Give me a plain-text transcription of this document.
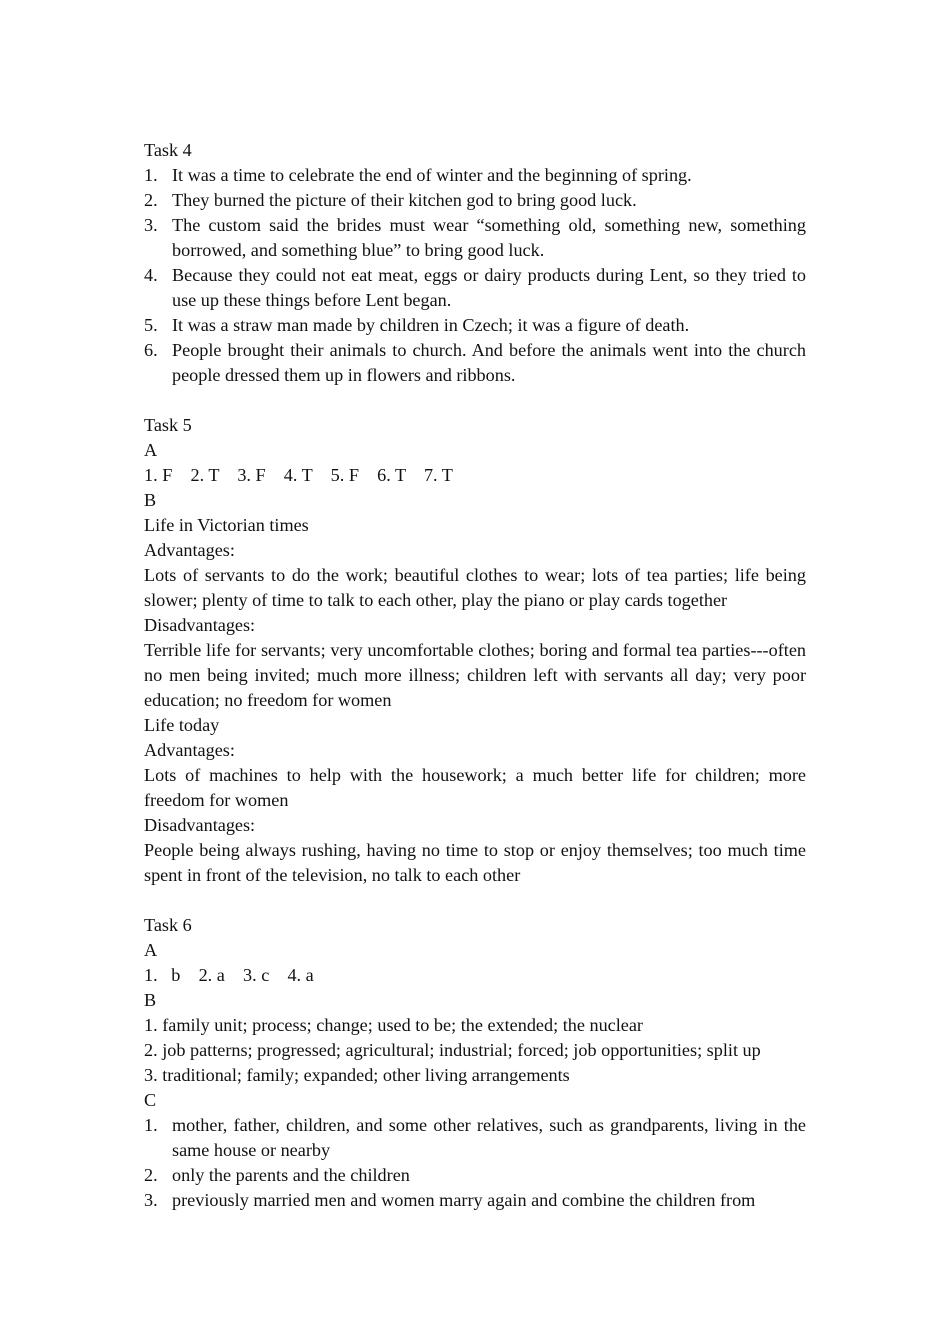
Task 4
1. It was a time to celebrate the end of winter and the beginning of spring.
2. They burned the picture of their kitchen god to bring good luck.
3. The custom said the brides must wear “something old, something new, something borrowed, and something blue” to bring good luck.
4. Because they could not eat meat, eggs or dairy products during Lent, so they tried to use up these things before Lent began.
5. It was a straw man made by children in Czech; it was a figure of death.
6. People brought their animals to church. And before the animals went into the church people dressed them up in flowers and ribbons.
Task 5
A
1. F    2. T    3. F    4. T    5. F    6. T    7. T
B
Life in Victorian times
Advantages:
Lots of servants to do the work; beautiful clothes to wear; lots of tea parties; life being slower; plenty of time to talk to each other, play the piano or play cards together
Disadvantages:
Terrible life for servants; very uncomfortable clothes; boring and formal tea parties---often no men being invited; much more illness; children left with servants all day; very poor education; no freedom for women
Life today
Advantages:
Lots of machines to help with the housework; a much better life for children; more freedom for women
Disadvantages:
People being always rushing, having no time to stop or enjoy themselves; too much time spent in front of the television, no talk to each other
Task 6
A
1.   b    2. a    3. c    4. a
B
1. family unit; process; change; used to be; the extended; the nuclear
2. job patterns; progressed; agricultural; industrial; forced; job opportunities; split up
3. traditional; family; expanded; other living arrangements
C
1. mother, father, children, and some other relatives, such as grandparents, living in the same house or nearby
2. only the parents and the children
3. previously married men and women marry again and combine the children from
